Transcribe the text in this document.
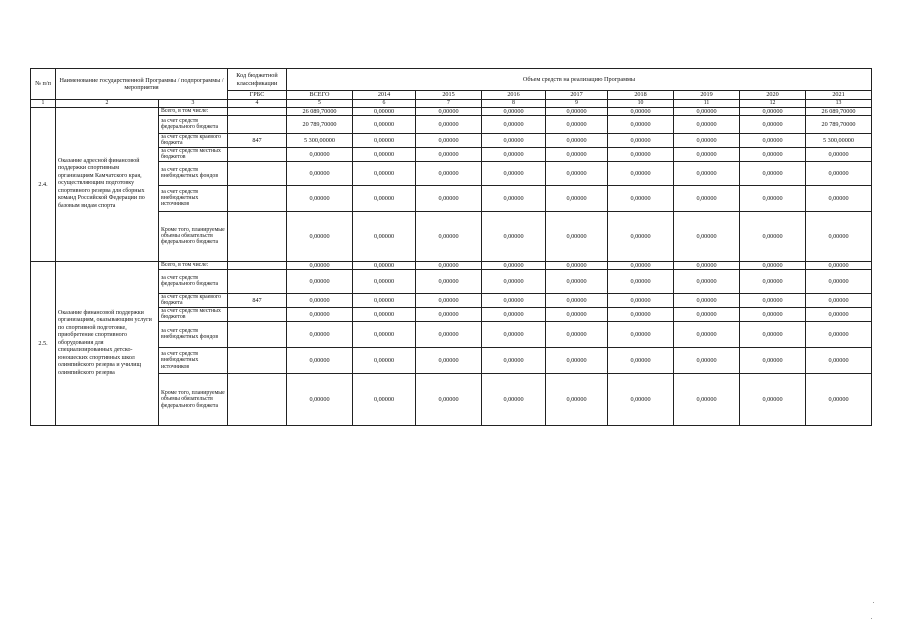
№ п/п	Наименование государственной Программы / подпрограммы / мероприятия		Код бюджетной классификации	Объем средств на реализацию Программы								
			ГРБС	ВСЕГО	2014	2015	2016	2017	2018	2019	2020	2021
1	2	3	4	5	6	7	8	9	10	11	12	13
2.4.	Оказание адресной финансовой поддержки спортивным организациям Камчатского края, осуществляющим подготовку спортивного резерва для сборных команд Российской Федерации по базовым видам спорта	Всего, в том числе:		26 089,70000	0,00000	0,00000	0,00000	0,00000	0,00000	0,00000	0,00000	26 089,70000
		за счет средств федерального бюджета		20 789,70000	0,00000	0,00000	0,00000	0,00000	0,00000	0,00000	0,00000	20 789,70000
		за счет средств краевого бюджета	847	5 300,00000	0,00000	0,00000	0,00000	0,00000	0,00000	0,00000	0,00000	5 300,00000
		за счет средств местных бюджетов		0,00000	0,00000	0,00000	0,00000	0,00000	0,00000	0,00000	0,00000	0,00000
		за счет средств внебюджетных фондов		0,00000	0,00000	0,00000	0,00000	0,00000	0,00000	0,00000	0,00000	0,00000
		за счет средств внебюджетных источников		0,00000	0,00000	0,00000	0,00000	0,00000	0,00000	0,00000	0,00000	0,00000
		Кроме того, планируемые объемы обязательств федерального бюджета		0,00000	0,00000	0,00000	0,00000	0,00000	0,00000	0,00000	0,00000	0,00000
2.5.	Оказание финансовой поддержки организациям, оказывающим услуги по спортивной подготовке, приобретение спортивного оборудования для специализированных детско-юношеских спортивных школ олимпийского резерва и училищ олимпийского резерва	Всего, в том числе:		0,00000	0,00000	0,00000	0,00000	0,00000	0,00000	0,00000	0,00000	0,00000
		за счет средств федерального бюджета		0,00000	0,00000	0,00000	0,00000	0,00000	0,00000	0,00000	0,00000	0,00000
		за счет средств краевого бюджета	847	0,00000	0,00000	0,00000	0,00000	0,00000	0,00000	0,00000	0,00000	0,00000
		за счет средств местных бюджетов		0,00000	0,00000	0,00000	0,00000	0,00000	0,00000	0,00000	0,00000	0,00000
		за счет средств внебюджетных фондов		0,00000	0,00000	0,00000	0,00000	0,00000	0,00000	0,00000	0,00000	0,00000
		за счет средств внебюджетных источников		0,00000	0,00000	0,00000	0,00000	0,00000	0,00000	0,00000	0,00000	0,00000
		Кроме того, планируемые объемы обязательств федерального бюджета		0,00000	0,00000	0,00000	0,00000	0,00000	0,00000	0,00000	0,00000	0,00000
